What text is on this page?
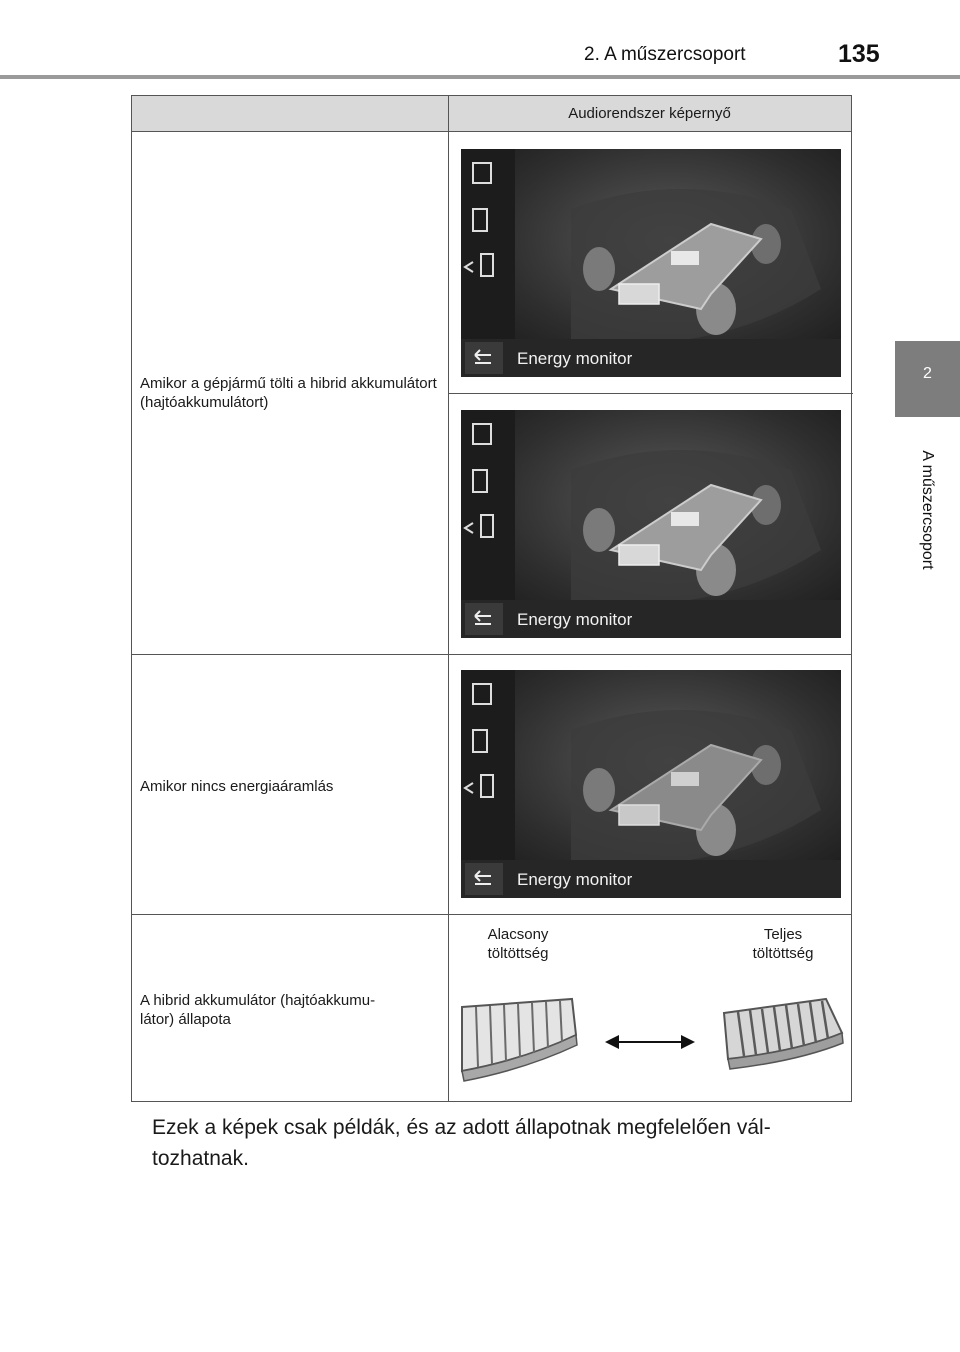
2. A műszercsoport	135
2
A műszercsoport
Audiorendszer képernyő
Amikor a gépjármű tölti a hibrid akkumulátort (hajtóakkumulátort)
Amikor nincs energiaáramlás
A hibrid akkumulátor (hajtóakkumu-
látor) állapota
Energy monitor
Energy monitor
Energy monitor
Alacsony
töltöttség
Teljes
töltöttség
Ezek a képek csak példák, és az adott állapotnak megfelelően vál-
tozhatnak.
